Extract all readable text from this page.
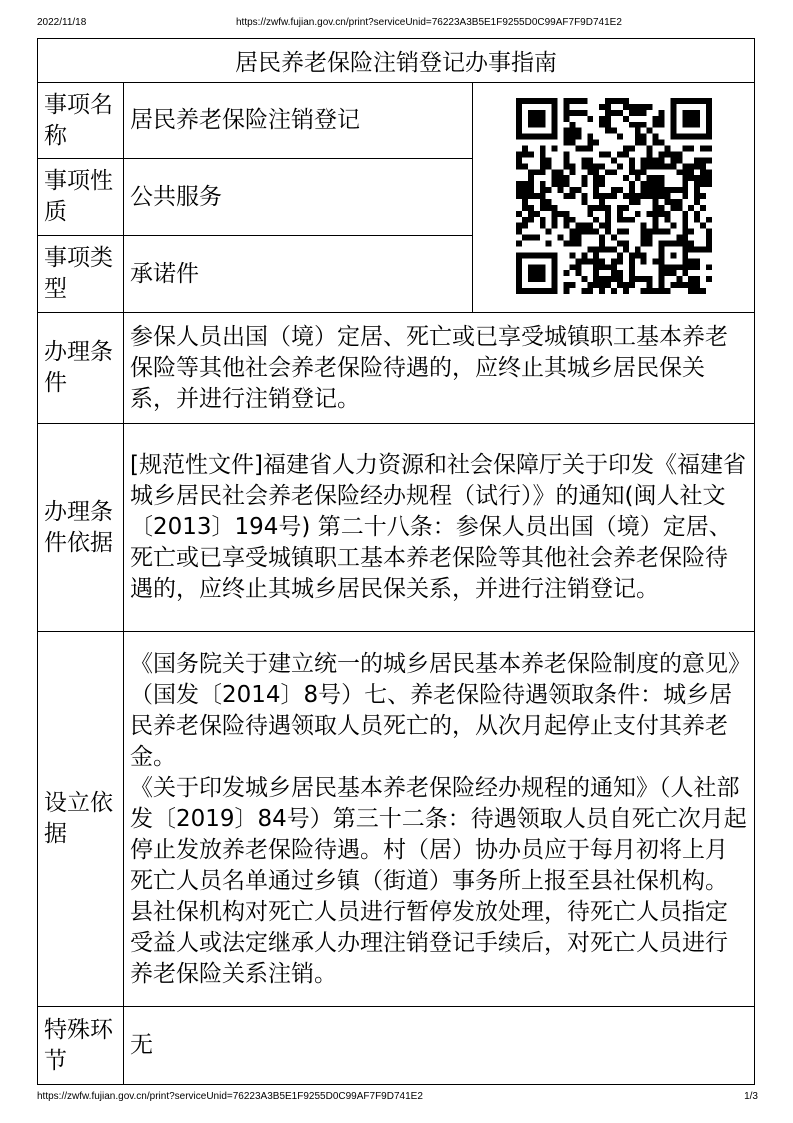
2022/11/18	https://zwfw.fujian.gov.cn/print?serviceUnid=76223A3B5E1F9255D0C99AF7F9D741E2
居民养老保险注销登记办事指南		
事项名称	居民养老保险注销登记	

事项性质	公共服务	
事项类型	承诺件	
办理条件	参保人员出国（境）定居、死亡或已享受城镇职工基本养老保险等其他社会养老保险待遇的，应终止其城乡居民保关系，并进行注销登记。	
办理条件依据	[规范性文件]福建省人力资源和社会保障厅关于印发《福建省城乡居民社会养老保险经办规程（试行）》的通知(闽人社文〔2013〕194号) 第二十八条：参保人员出国（境）定居、死亡或已享受城镇职工基本养老保险等其他社会养老保险待遇的，应终止其城乡居民保关系，并进行注销登记。	
设立依据	《国务院关于建立统一的城乡居民基本养老保险制度的意见》（国发〔2014〕8号）七、养老保险待遇领取条件：城乡居民养老保险待遇领取人员死亡的，从次月起停止支付其养老金。
《关于印发城乡居民基本养老保险经办规程的通知》（人社部发〔2019〕84号）第三十二条：待遇领取人员自死亡次月起停止发放养老保险待遇。村（居）协办员应于每月初将上月死亡人员名单通过乡镇（街道）事务所上报至县社保机构。县社保机构对死亡人员进行暂停发放处理，待死亡人员指定受益人或法定继承人办理注销登记手续后，对死亡人员进行养老保险关系注销。	

特殊环节	无	
https://zwfw.fujian.gov.cn/print?serviceUnid=76223A3B5E1F9255D0C99AF7F9D741E2	1/3
